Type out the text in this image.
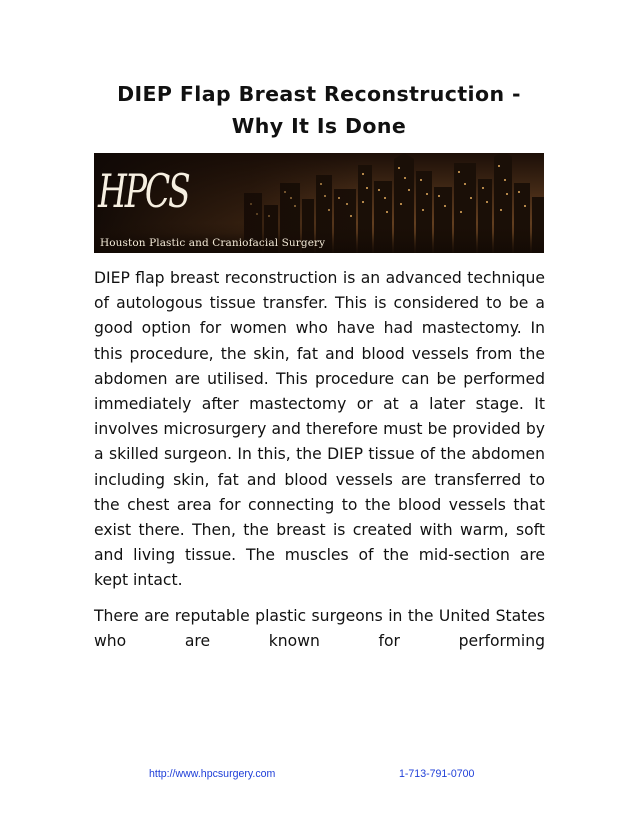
DIEP Flap Breast Reconstruction -
Why It Is Done
HPCS
Houston Plastic and Craniofacial Surgery

DIEP flap breast reconstruction is an advanced technique of autologous tissue transfer. This is considered to be a good option for women who have had mastectomy. In this procedure, the skin, fat and blood vessels from the abdomen are utilised. This procedure can be performed immediately after mastectomy or at a later stage. It involves microsurgery and therefore must be provided by a skilled surgeon. In this, the DIEP tissue of the abdomen including skin, fat and blood vessels are transferred to the chest area for connecting to the blood vessels that exist there. Then, the breast is created with warm, soft and living tissue. The muscles of the mid-section are kept intact.

There are reputable plastic surgeons in the United States who are known for performing

http://www.hpcsurgery.com	1-713-791-0700
